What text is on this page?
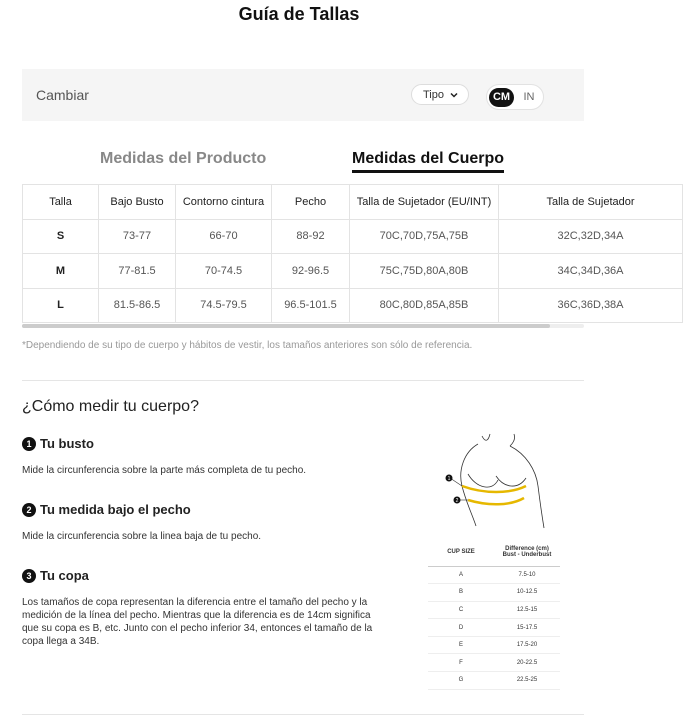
Guía de Tallas
Cambiar	Tipo	CM	IN
Medidas del Producto	Medidas del Cuerpo
Talla	Bajo Busto	Contorno cintura	Pecho	Talla de Sujetador (EU/INT)	Talla de Sujetador
S	73-77	66-70	88-92	70C,70D,75A,75B	32C,32D,34A
M	77-81.5	70-74.5	92-96.5	75C,75D,80A,80B	34C,34D,36A
L	81.5-86.5	74.5-79.5	96.5-101.5	80C,80D,85A,85B	36C,36D,38A
*Dependiendo de su tipo de cuerpo y hábitos de vestir, los tamaños anteriores son sólo de referencia.
¿Cómo medir tu cuerpo?
1 Tu busto
Mide la circunferencia sobre la parte más completa de tu pecho.
2 Tu medida bajo el pecho
Mide la circunferencia sobre la linea baja de tu pecho.
3 Tu copa
Los tamaños de copa representan la diferencia entre el tamaño del pecho y la medición de la línea del pecho. Mientras que la diferencia es de 14cm significa que su copa es B, etc. Junto con el pecho inferior 34, entonces el tamaño de la copa llega a 34B.
1
2
CUP SIZE	Difference (cm)
Bust - Underbust

A	7.5-10
B	10-12.5
C	12.5-15
D	15-17.5
E	17.5-20
F	20-22.5
G	22.5-25
